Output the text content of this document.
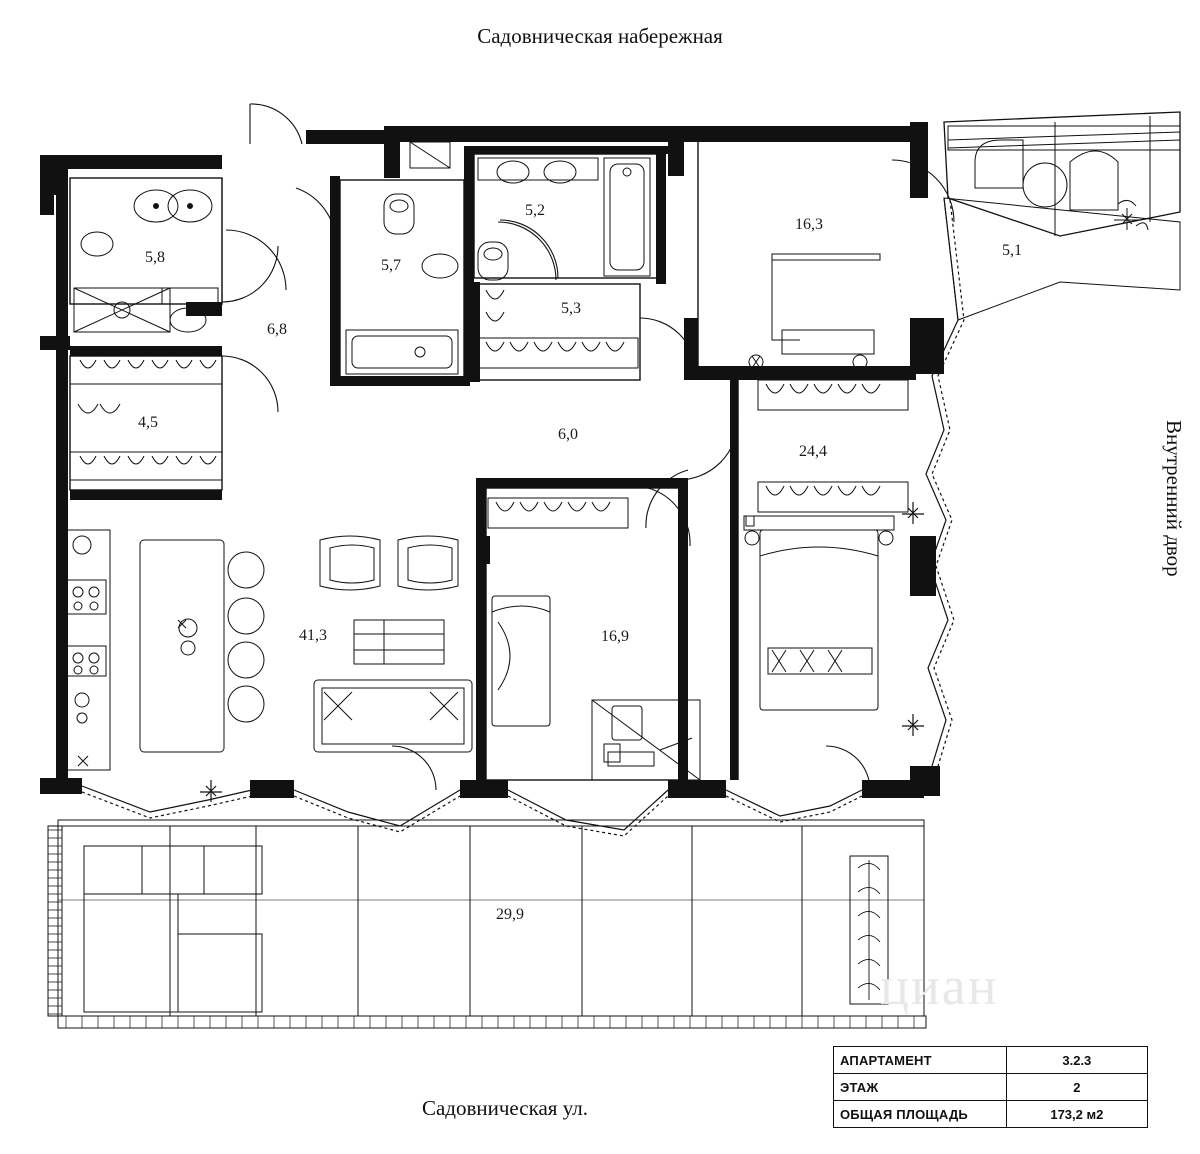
Садовническая набережная
Садовническая ул.
Внутренний двор
5,8
6,8
5,7
5,2
5,3
4,5
6,0
41,3	16,9
16,3
24,4
5,1
29,9
циан
АПАРТАМЕНТ	3.2.3
ЭТАЖ	2
ОБЩАЯ ПЛОЩАДЬ	173,2 м2
